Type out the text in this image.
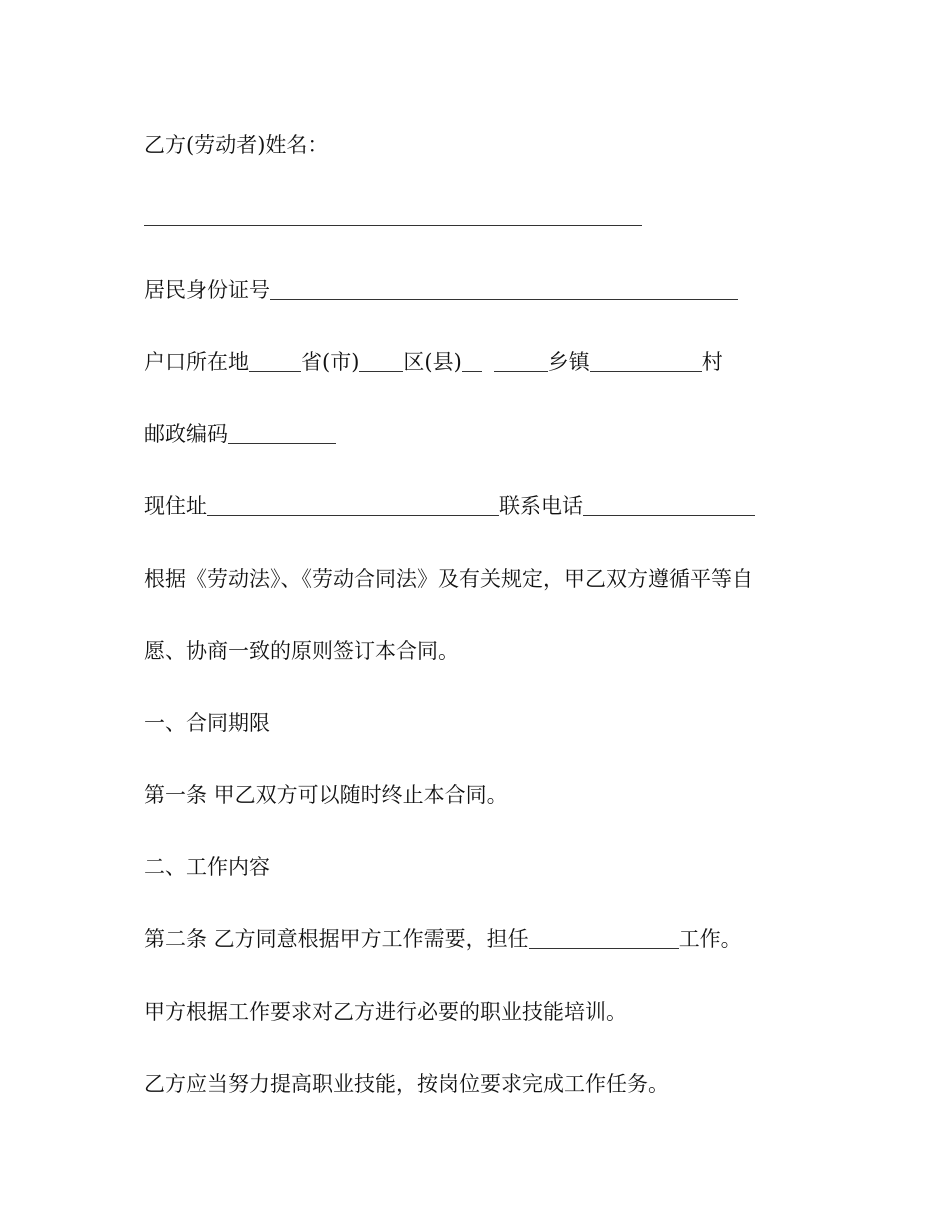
乙方(劳动者)姓名：
居民身份证号
户口所在地 省(市) 区(县)	乡镇	村
邮政编码
现住址	联系电话
根据《劳动法》、《劳动合同法》及有关规定，甲乙双方遵循平等自
愿、协商一致的原则签订本合同。
一、合同期限
第一条 甲乙双方可以随时终止本合同。
二、工作内容
第二条 乙方同意根据甲方工作需要，担任	工作。
甲方根据工作要求对乙方进行必要的职业技能培训。
乙方应当努力提高职业技能，按岗位要求完成工作任务。
